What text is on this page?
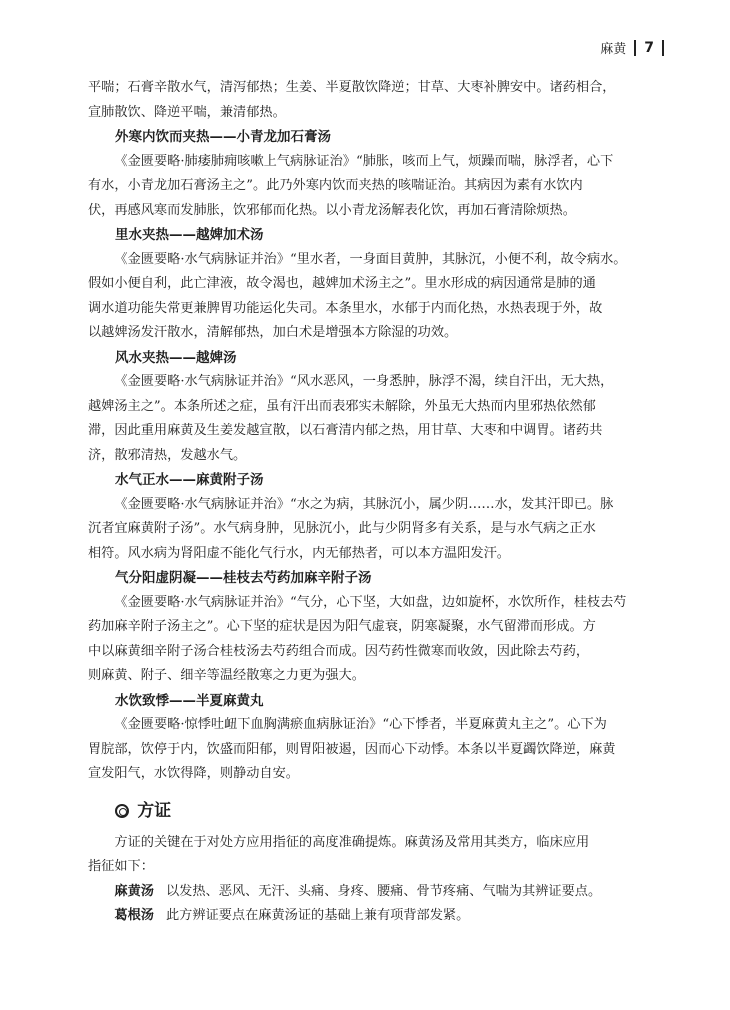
麻黄 7

平喘；石膏辛散水气，清泻郁热；生姜、半夏散饮降逆；甘草、大枣补脾安中。诸药相合，

宣肺散饮、降逆平喘，兼清郁热。

外寒内饮而夹热——小青龙加石膏汤

《金匮要略·肺痿肺痈咳嗽上气病脉证治》“肺胀，咳而上气，烦躁而喘，脉浮者，心下

有水，小青龙加石膏汤主之”。此乃外寒内饮而夹热的咳喘证治。其病因为素有水饮内

伏，再感风寒而发肺胀，饮邪郁而化热。以小青龙汤解表化饮，再加石膏清除烦热。

里水夹热——越婢加术汤

《金匮要略·水气病脉证并治》“里水者，一身面目黄肿，其脉沉，小便不利，故令病水。

假如小便自利，此亡津液，故令渴也，越婢加术汤主之”。里水形成的病因通常是肺的通

调水道功能失常更兼脾胃功能运化失司。本条里水，水郁于内而化热，水热表现于外，故

以越婢汤发汗散水，清解郁热，加白术是增强本方除湿的功效。

风水夹热——越婢汤

《金匮要略·水气病脉证并治》“风水恶风，一身悉肿，脉浮不渴，续自汗出，无大热，

越婢汤主之”。本条所述之症，虽有汗出而表邪实未解除，外虽无大热而内里邪热依然郁

滞，因此重用麻黄及生姜发越宣散，以石膏清内郁之热，用甘草、大枣和中调胃。诸药共

济，散邪清热，发越水气。

水气正水——麻黄附子汤

《金匮要略·水气病脉证并治》“水之为病，其脉沉小，属少阴……水，发其汗即已。脉

沉者宜麻黄附子汤”。水气病身肿，见脉沉小，此与少阴肾多有关系，是与水气病之正水

相符。风水病为肾阳虚不能化气行水，内无郁热者，可以本方温阳发汗。

气分阳虚阴凝——桂枝去芍药加麻辛附子汤

《金匮要略·水气病脉证并治》“气分，心下坚，大如盘，边如旋杯，水饮所作，桂枝去芍

药加麻辛附子汤主之”。心下坚的症状是因为阳气虚衰，阴寒凝聚，水气留滞而形成。方

中以麻黄细辛附子汤合桂枝汤去芍药组合而成。因芍药性微寒而收敛，因此除去芍药，

则麻黄、附子、细辛等温经散寒之力更为强大。

水饮致悸——半夏麻黄丸

《金匮要略·惊悸吐衄下血胸满瘀血病脉证治》“心下悸者，半夏麻黄丸主之”。心下为

胃脘部，饮停于内，饮盛而阳郁，则胃阳被遏，因而心下动悸。本条以半夏蠲饮降逆，麻黄

宣发阳气，水饮得降，则静动自安。

方证

方证的关键在于对处方应用指征的高度准确提炼。麻黄汤及常用其类方，临床应用

指征如下：

麻黄汤 以发热、恶风、无汗、头痛、身疼、腰痛、骨节疼痛、气喘为其辨证要点。

葛根汤 此方辨证要点在麻黄汤证的基础上兼有项背部发紧。
